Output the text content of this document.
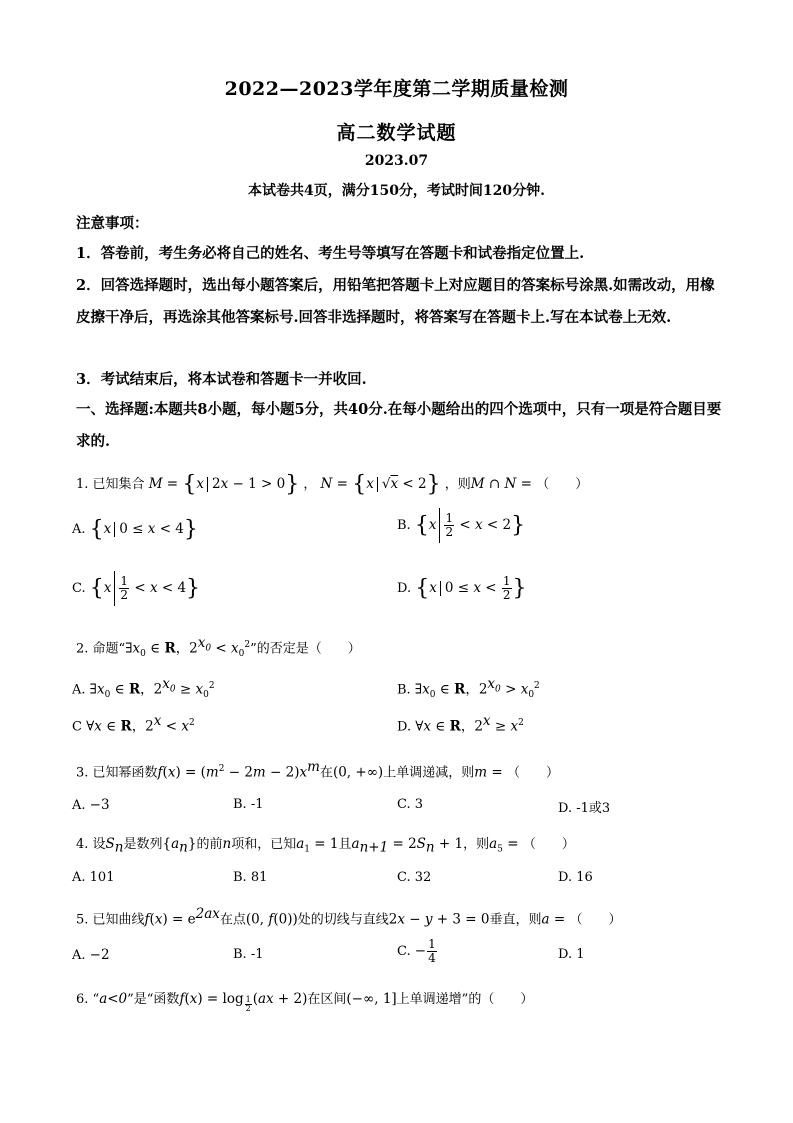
2022—2023学年度第二学期质量检测
高二数学试题
2023.07
本试卷共4页，满分150分，考试时间120分钟.
注意事项：
1．答卷前，考生务必将自己的姓名、考生号等填写在答题卡和试卷指定位置上.
2．回答选择题时，选出每小题答案后，用铅笔把答题卡上对应题目的答案标号涂黑.如需改动，用橡皮擦干净后，再选涂其他答案标号.回答非选择题时，将答案写在答题卡上.写在本试卷上无效.
3．考试结束后，将本试卷和答题卡一并收回.
一、选择题:本题共8小题，每小题5分，共40分.在每小题给出的四个选项中，只有一项是符合题目要求的.
1. 已知集合 M = {x 2x − 1 > 0} ， N = {x √x < 2} ，则M ∩ N = （　　）
A. {x 0 ≤ x < 4}	B. $\{x \frac{1}{2} < x < 2\}$
C. $\{x \frac{1}{2} < x < 4\}$	D. {x $0 \le x < \frac{1}{2}$ }
2. 命题“$\exists x_0$ ∈ R，$2^{x_0} < x_0^2$”的否定是（　　）
A. $\exists x_0$ ∈ R，$2^{x_0} \ge x_0^2$	B. $\exists x_0$ ∈ R，$2^{x_0} > x_0^2$
C ∀x ∈ R，$2^x < x^2$	D. ∀x ∈ R，$2^x \ge x^2$
3. 已知幂函数$f(x) = (m^2 - 2m - 2)x^m$在(0, +∞)上单调递减，则m = （　　）
A. −3	B. -1	C. 3	D. -1或3
4. 设$S_n$是数列$\{a_n\}$的前n项和，已知$a_1 = 1$且$a_{n+1} = 2S_n + 1$，则$a_5$ = （　　）
A. 101	B. 81	C. 32	D. 16
5. 已知曲线$f(x) = e^{2ax}$在点(0, f(0))处的切线与直线2x − y + 3 = 0垂直，则a = （　　）
A. −2	B. -1	C. − $\frac{1}{4}$	D. 1
6. “a<0”是“函数f(x) = log $_{\frac{1}{2}}$ (ax + 2)在区间(−∞, 1]上单调递增”的（　　）
